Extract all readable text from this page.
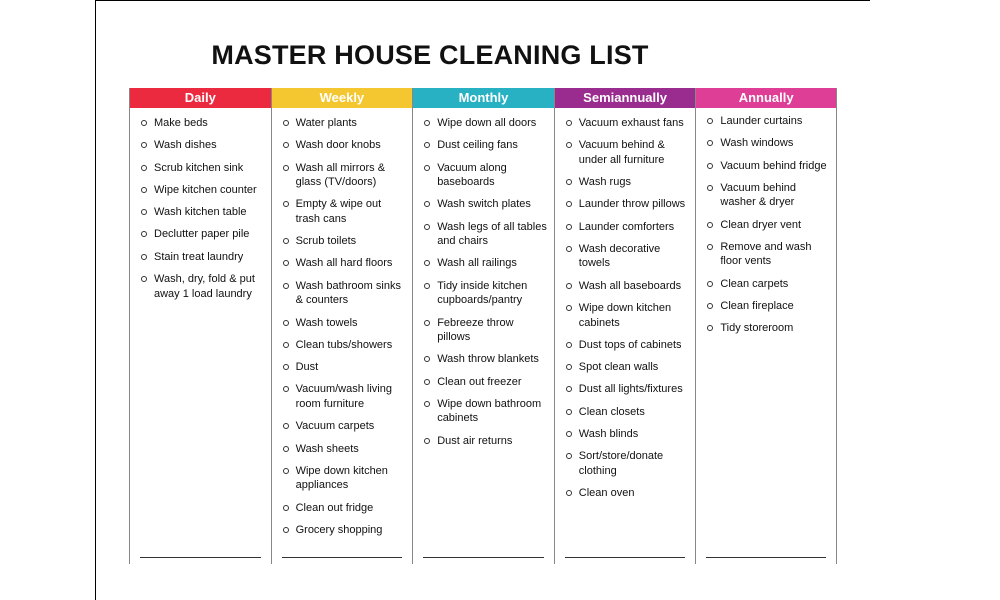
MASTER HOUSE CLEANING LIST
Daily
Make beds
Wash dishes
Scrub kitchen sink
Wipe kitchen counter
Wash kitchen table
Declutter paper pile
Stain treat laundry
Wash, dry, fold & put away 1 load laundry
Weekly
Water plants
Wash door knobs
Wash all mirrors & glass (TV/doors)
Empty & wipe out trash cans
Scrub toilets
Wash all hard floors
Wash bathroom sinks & counters
Wash towels
Clean tubs/showers
Dust
Vacuum/wash living room furniture
Vacuum carpets
Wash sheets
Wipe down kitchen appliances
Clean out fridge
Grocery shopping
Monthly
Wipe down all doors
Dust ceiling fans
Vacuum along baseboards
Wash switch plates
Wash legs of all tables and chairs
Wash all railings
Tidy inside kitchen cupboards/pantry
Febreeze throw pillows
Wash throw blankets
Clean out freezer
Wipe down bathroom cabinets
Dust air returns
Semiannually
Vacuum exhaust fans
Vacuum behind & under all furniture
Wash rugs
Launder throw pillows
Launder comforters
Wash decorative towels
Wash all baseboards
Wipe down kitchen cabinets
Dust tops of cabinets
Spot clean walls
Dust all lights/fixtures
Clean closets
Wash blinds
Sort/store/donate clothing
Clean oven
Annually
Launder curtains
Wash windows
Vacuum behind fridge
Vacuum behind washer & dryer
Clean dryer vent
Remove and wash floor vents
Clean carpets
Clean fireplace
Tidy storeroom
